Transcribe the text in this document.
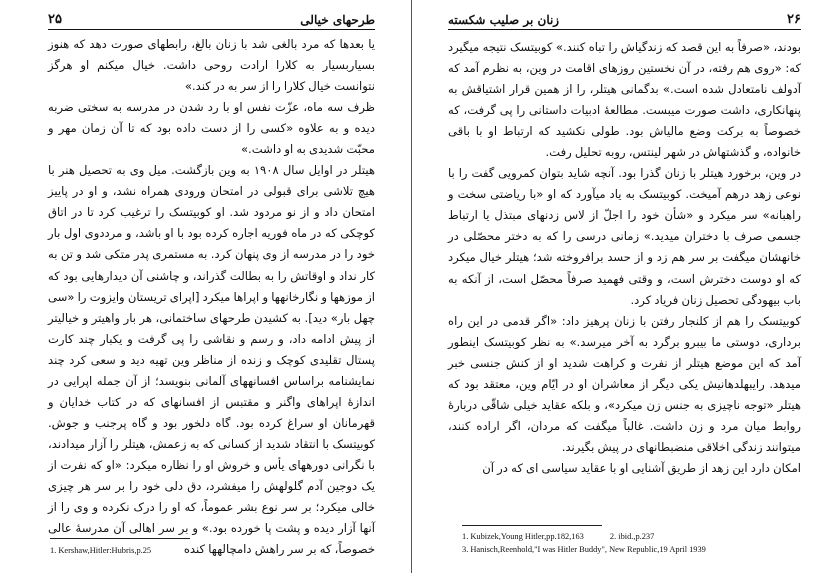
۲۵	طرحهای خیالی

یا بعدها که مرد بالغی شد با زنان بالغ، رابطهای صورت دهد که هنوز بسیاربسیار به کلارا ارادت روحی داشت. خیال میکنم او هرگز نتوانست خیال کلارا را از سر به در کند.»

ظرف سه ماه، عزّت نفس او با رد شدن در مدرسه به سختی ضربه دیده و به علاوه «کسی را از دست داده بود که تا آن زمان مهر و محبّت شدیدی به او داشت.»

هیتلر در اوایل سال ۱۹۰۸ به وین بازگشت. میل وی به تحصیل هنر با هیچ تلاشی برای قبولی در امتحان ورودی همراه نشد، و او در پاییز امتحان داد و از نو مردود شد. او کوبیتسک را ترغیب کرد تا در اتاق کوچکی که در ماه فوریه اجاره کرده بود با او باشد، و مرددوی اول بار خود را در مدرسه از وی پنهان کرد. به مستمری پدر متکی شد و تن به کار نداد و اوقاتش را به بطالت گذراند، و چاشنی آن دیدارهایی بود که از موزهها و نگارخانهها و اپراها میکرد [اپرای تریستان وایزوت را «سی چهل بار» دید]. به کشیدن طرحهای ساختمانی، هر بار واهیتر و خیالیتر از پیش ادامه داد، و رسم و نقاشی را پی گرفت و یکبار چند کارت پستال تقلیدی کوچک و زنده از مناظر وین تهیه دید و سعی کرد چند نمایشنامه براساس افسانههای آلمانی بنویسد؛ از آن جمله اپرایی در اندازهٔ اپراهای واگنر و مقتبس از افسانهای که در کتاب خدایان و قهرمانان او سراغ کرده بود. گاه دلخور بود و گاه پرجنب و جوش. کوبیتسک با انتقاد شدید از کسانی که به زعمش، هیتلر را آزار میدادند، با نگرانی دورههای یأس و خروش او را نظاره میکرد: «او که نفرت از یک دوجین آدم گلولهش را میفشرد، دق دلی خود را بر سر هر چیزی خالی میکرد؛ بر سر نوع بشر عموماً، که او را درک نکرده و وی را از آنها آزار دیده و پشت پا خورده بود.» و بر سر اهالی آن مدرسهٔ عالی خصوصاً، که بر سر راهش دامچالهها کنده

1. Kershaw,Hitler:Hubris,p.25
زنان بر صلیب شکسته	۲۶

بودند، «صرفاً به این قصد که زندگیاش را تباه کنند.» کوبیتسک نتیجه میگیرد که: «روی هم رفته، در آن نخستین روزهای اقامت در وین، به نظرم آمد که آدولف نامتعادل شده است.» بدگمانی هیتلر، را از همین قرار اشتیاقش به پنهانکاری، داشت صورت میبست. مطالعهٔ ادبیات داستانی را پی گرفت، که خصوصاً به برکت وضع مالیاش بود. طولی نکشید که ارتباط او با باقی خانواده، و گذشتهاش در شهر لینتس، روبه تحلیل رفت.

در وین، برخورد هیتلر با زنان گذرا بود. آنچه شاید بتوان کمرویی گفت را با نوعی زهد درهم آمیخت. کوبیتسک به یاد میآورد که او «با ریاضتی سخت و راهبانه» سر میکرد و «شأن خود را اجلّ از لاس زدنهای مبتذل یا ارتباط جسمی صرف با دختران میدید.» زمانی درسی را که به دختر محصّلی در خانهشان میگفت بر سر هم زد و از حسد برافروخته شد؛ هیتلر خیال میکرد که او دوست دخترش است، و وقتی فهمید صرفاً محصّل است، از آنکه به باب بیهودگی تحصیل زنان فریاد کرد.

کوبیتسک را هم از کلنجار رفتن با زنان پرهیز داد: «اگر قدمی در این راه برداری، دوستی ما بیبرو برگرد به آخر میرسد.» به نظر کوبیتسک اینطور آمد که این موضع هیتلر از نفرت و کراهت شدید او از کنش جنسی خبر میدهد. رایبهلدهانیش یکی دیگر از معاشران او در ایّام وین، معتقد بود که هیتلر «توجه ناچیزی به جنس زن میکرد»، و بلکه عقاید خیلی شاقّی دربارهٔ روابط میان مرد و زن داشت. غالباً میگفت که مردان، اگر اراده کنند، میتوانند زندگی اخلاقی منضبطانهای در پیش بگیرند.

امکان دارد این زهد از طریق آشنایی او با عقاید سیاسی ای که در آن

1. Kubizek,Young Hitler,pp.182,163	2. ibid.,p.237
3. Hanisch,Reenhold,"I was Hitler Buddy", New Republic,19 April 1939
